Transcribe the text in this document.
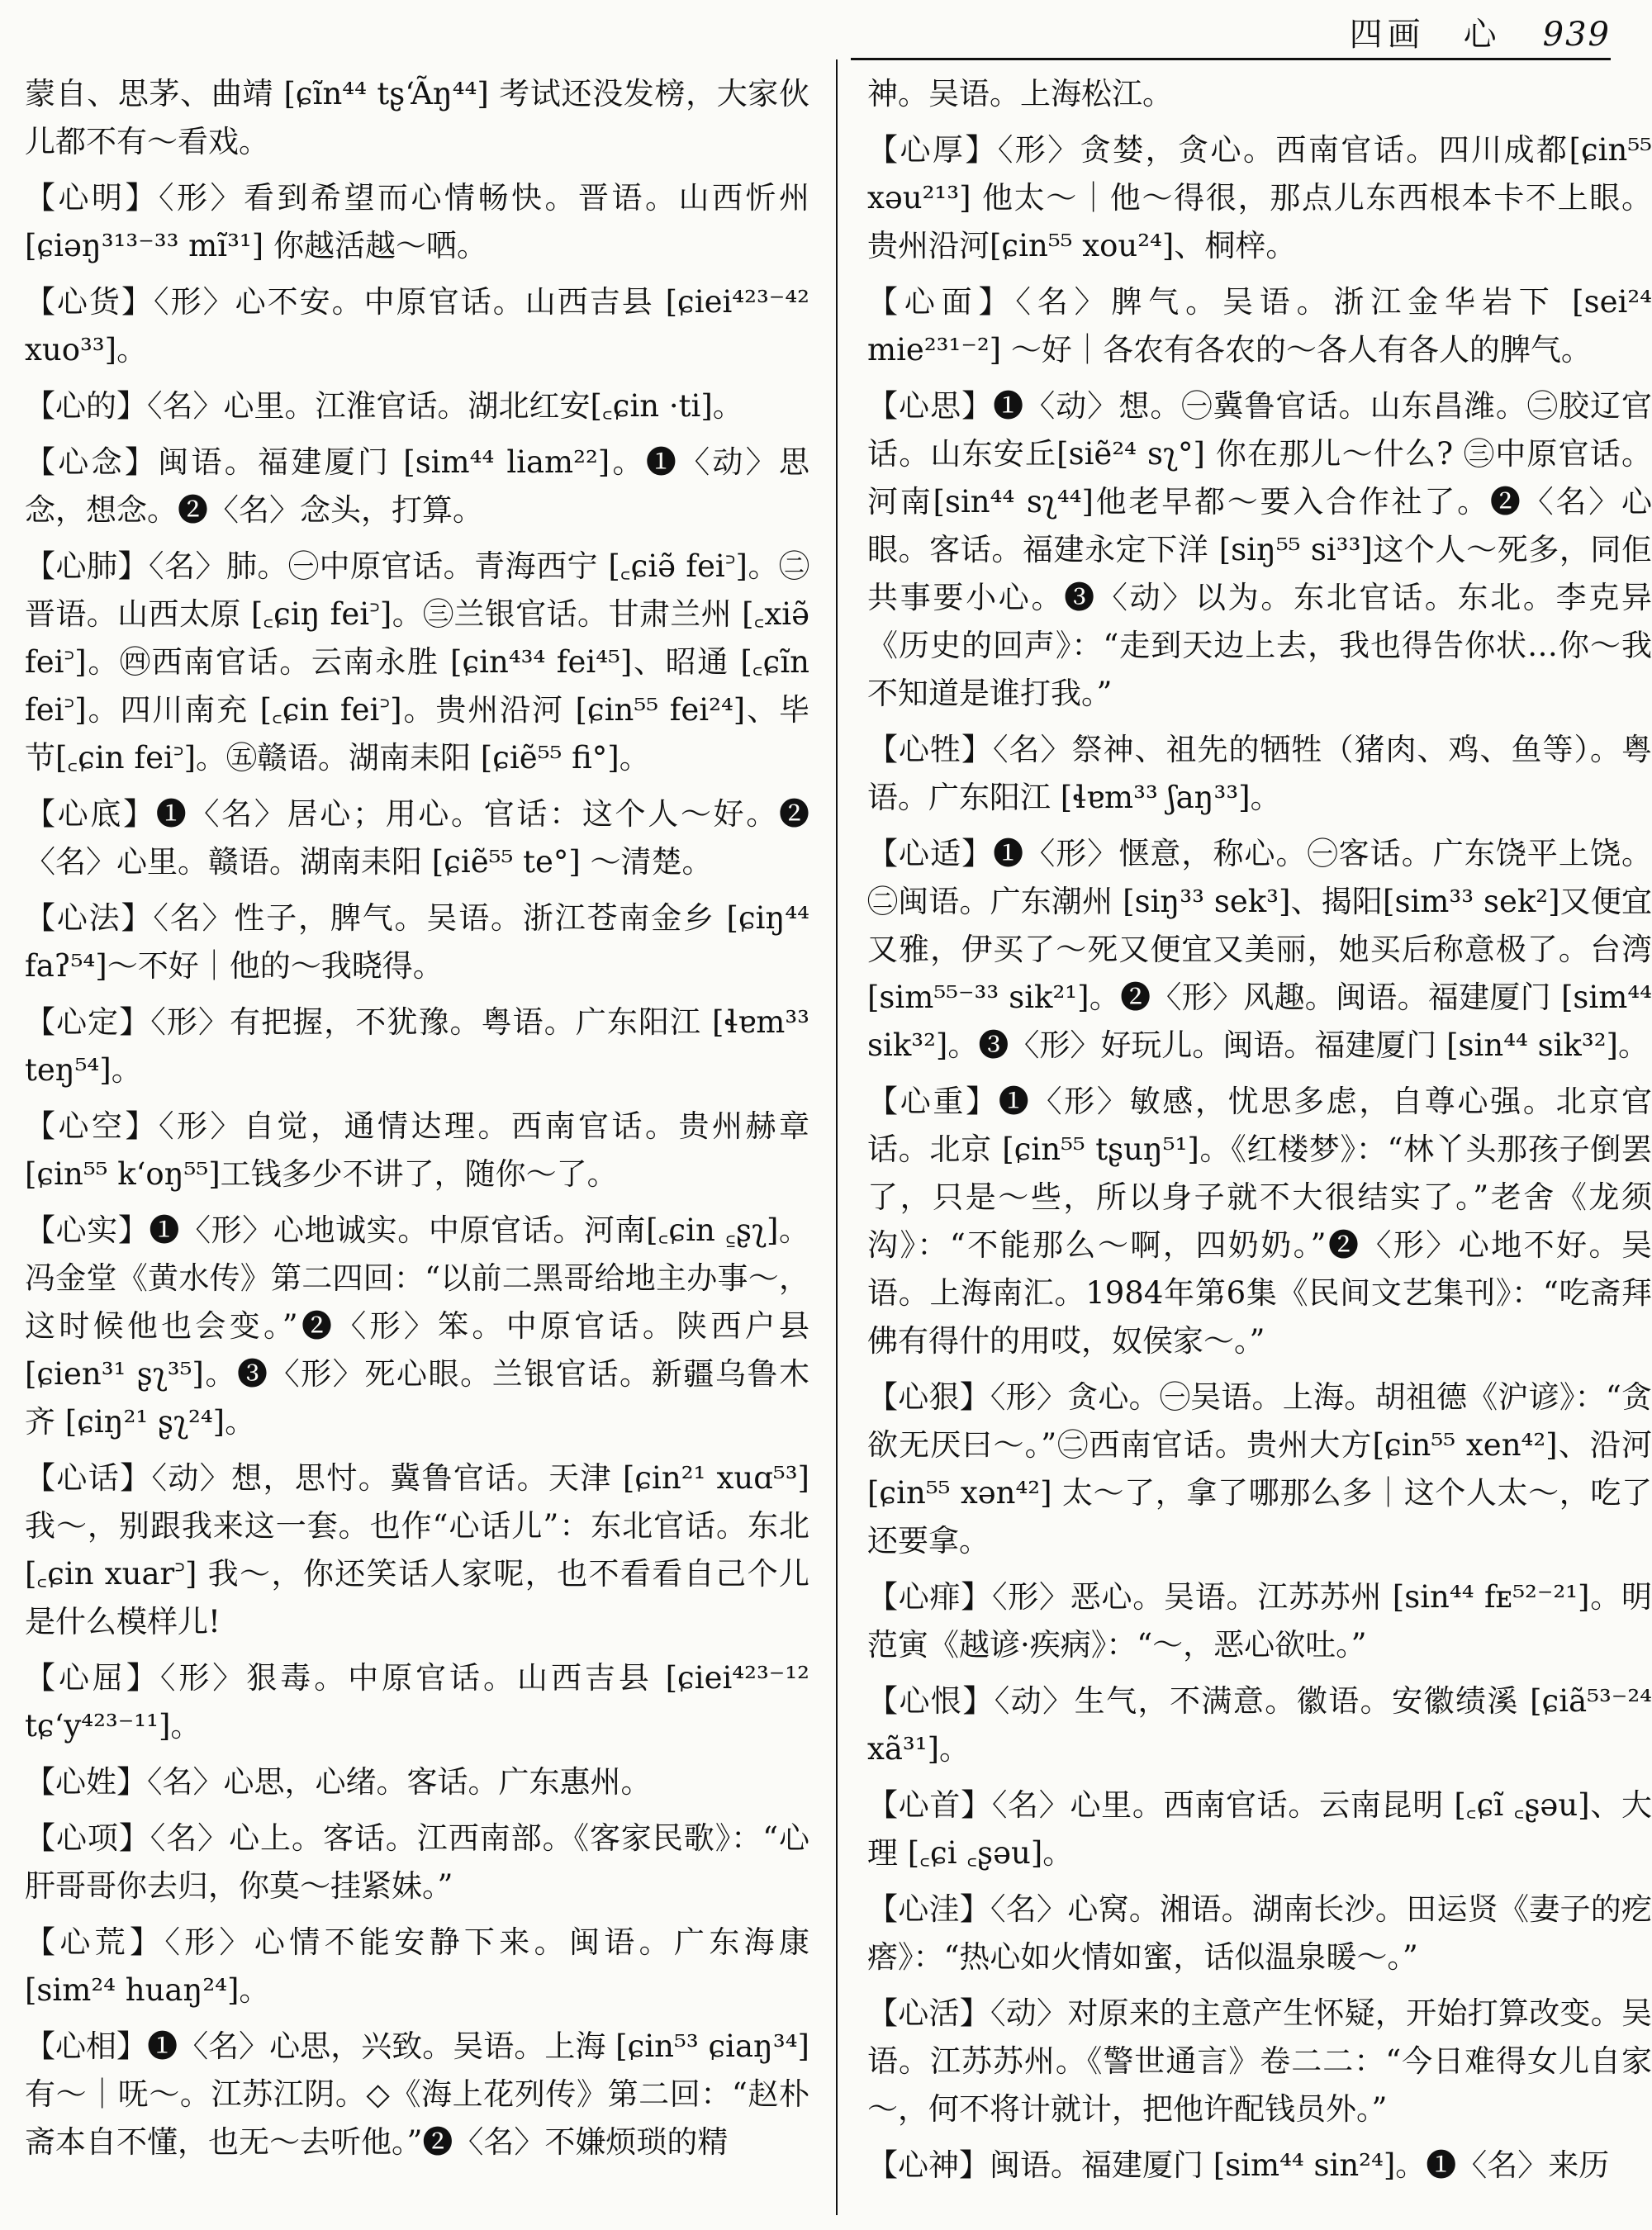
四画　心 939

蒙自、思茅、曲靖 [ɕĩn⁴⁴ tʂʻÃŋ⁴⁴] 考试还没发榜，大家伙儿都不有～看戏。

【心明】〈形〉看到希望而心情畅快。晋语。山西忻州 [ɕiəŋ³¹³⁻³³ mĩ³¹] 你越活越～哂。

【心货】〈形〉心不安。中原官话。山西吉县 [ɕiei⁴²³⁻⁴² xuo³³]。

【心的】〈名〉心里。江淮官话。湖北红安[꜀ɕin ·ti]。

【心念】闽语。福建厦门 [sim⁴⁴ liam²²]。❶〈动〉思念，想念。❷〈名〉念头，打算。

【心肺】〈名〉肺。㊀中原官话。青海西宁 [꜀ɕiə̃ fei꜄]。㊁晋语。山西太原 [꜀ɕiŋ fei꜄]。㊂兰银官话。甘肃兰州 [꜀xiə̃ fei꜄]。㊃西南官话。云南永胜 [ɕin⁴³⁴ fei⁴⁵]、昭通 [꜀ɕĩn fei꜄]。四川南充 [꜀ɕin fei꜄]。贵州沿河 [ɕin⁵⁵ fei²⁴]、毕节[꜀ɕin fei꜄]。㊄赣语。湖南耒阳 [ɕiẽ⁵⁵ fi°]。

【心底】❶〈名〉居心；用心。官话：这个人～好。❷〈名〉心里。赣语。湖南耒阳 [ɕiẽ⁵⁵ te°] ～清楚。

【心法】〈名〉性子，脾气。吴语。浙江苍南金乡 [ɕiŋ⁴⁴ faʔ⁵⁴]～不好｜他的～我晓得。

【心定】〈形〉有把握，不犹豫。粤语。广东阳江 [ɬɐm³³ teŋ⁵⁴]。

【心空】〈形〉自觉，通情达理。西南官话。贵州赫章 [ɕin⁵⁵ kʻoŋ⁵⁵]工钱多少不讲了，随你～了。

【心实】❶〈形〉心地诚实。中原官话。河南[꜀ɕin ꜁ʂʅ]。冯金堂《黄水传》第二四回：“以前二黑哥给地主办事～，这时候他也会变。”❷〈形〉笨。中原官话。陕西户县[ɕien³¹ ʂʅ³⁵]。❸〈形〉死心眼。兰银官话。新疆乌鲁木齐 [ɕiŋ²¹ ʂʅ²⁴]。

【心话】〈动〉想，思忖。冀鲁官话。天津 [ɕin²¹ xuɑ⁵³] 我～，别跟我来这一套。也作“心话儿”：东北官话。东北 [꜀ɕin xuar꜄] 我～，你还笑话人家呢，也不看看自己个儿是什么模样儿!

【心屈】〈形〉狠毒。中原官话。山西吉县 [ɕiei⁴²³⁻¹² tɕʻy⁴²³⁻¹¹]。

【心姓】〈名〉心思，心绪。客话。广东惠州。

【心项】〈名〉心上。客话。江西南部。《客家民歌》：“心肝哥哥你去归，你莫～挂紧妹。”

【心荒】〈形〉心情不能安静下来。闽语。广东海康 [sim²⁴ huaŋ²⁴]。

【心相】❶〈名〉心思，兴致。吴语。上海 [ɕin⁵³ ɕiaŋ³⁴] 有～｜呒～。江苏江阴。◇《海上花列传》第二回：“赵朴斋本自不懂，也无～去听他。”❷〈名〉不嫌烦琐的精

神。吴语。上海松江。

【心厚】〈形〉贪婪，贪心。西南官话。四川成都[ɕin⁵⁵ xəu²¹³] 他太～｜他～得很，那点儿东西根本卡不上眼。贵州沿河[ɕin⁵⁵ xou²⁴]、桐梓。

【心面】〈名〉脾气。吴语。浙江金华岩下 [sei²⁴ mie²³¹⁻²] ～好｜各农有各农的～各人有各人的脾气。

【心思】❶〈动〉想。㊀冀鲁官话。山东昌潍。㊁胶辽官话。山东安丘[siẽ²⁴ sʅ°] 你在那儿～什么? ㊂中原官话。河南[sin⁴⁴ sʅ⁴⁴]他老早都～要入合作社了。❷〈名〉心眼。客话。福建永定下洋 [siŋ⁵⁵ si³³]这个人～死多，同佢共事要小心。❸〈动〉以为。东北官话。东北。李克异《历史的回声》：“走到天边上去，我也得告你状…你～我不知道是谁打我。”

【心牲】〈名〉祭神、祖先的牺牲（猪肉、鸡、鱼等）。粤语。广东阳江 [ɬɐm³³ ʃaŋ³³]。

【心适】❶〈形〉惬意，称心。㊀客话。广东饶平上饶。㊁闽语。广东潮州 [siŋ³³ sek³]、揭阳[sim³³ sek²]又便宜又雅，伊买了～死又便宜又美丽，她买后称意极了。台湾 [sim⁵⁵⁻³³ sik²¹]。❷〈形〉风趣。闽语。福建厦门 [sim⁴⁴ sik³²]。❸〈形〉好玩儿。闽语。福建厦门 [sin⁴⁴ sik³²]。

【心重】❶〈形〉敏感，忧思多虑，自尊心强。北京官话。北京 [ɕin⁵⁵ tʂuŋ⁵¹]。《红楼梦》：“林丫头那孩子倒罢了，只是～些，所以身子就不大很结实了。”老舍《龙须沟》：“不能那么～啊，四奶奶。”❷〈形〉心地不好。吴语。上海南汇。1984年第6集《民间文艺集刊》：“吃斋拜佛有得什的用哎，奴侯家～。”

【心狠】〈形〉贪心。㊀吴语。上海。胡祖德《沪谚》：“贪欲无厌曰～。”㊁西南官话。贵州大方[ɕin⁵⁵ xen⁴²]、沿河 [ɕin⁵⁵ xən⁴²] 太～了，拿了哪那么多｜这个人太～，吃了还要拿。

【心痱】〈形〉恶心。吴语。江苏苏州 [sin⁴⁴ fᴇ⁵²⁻²¹]。明范寅《越谚·疾病》：“～，恶心欲吐。”

【心恨】〈动〉生气，不满意。徽语。安徽绩溪 [ɕiã⁵³⁻²⁴ xã³¹]。

【心首】〈名〉心里。西南官话。云南昆明 [꜀ɕĩ ꜀ʂəu]、大理 [꜀ɕi ꜀ʂəu]。

【心洼】〈名〉心窝。湘语。湖南长沙。田运贤《妻子的疙瘩》：“热心如火情如蜜，话似温泉暖～。”

【心活】〈动〉对原来的主意产生怀疑，开始打算改变。吴语。江苏苏州。《警世通言》卷二二：“今日难得女儿自家～，何不将计就计，把他许配钱员外。”

【心神】闽语。福建厦门 [sim⁴⁴ sin²⁴]。❶〈名〉来历
